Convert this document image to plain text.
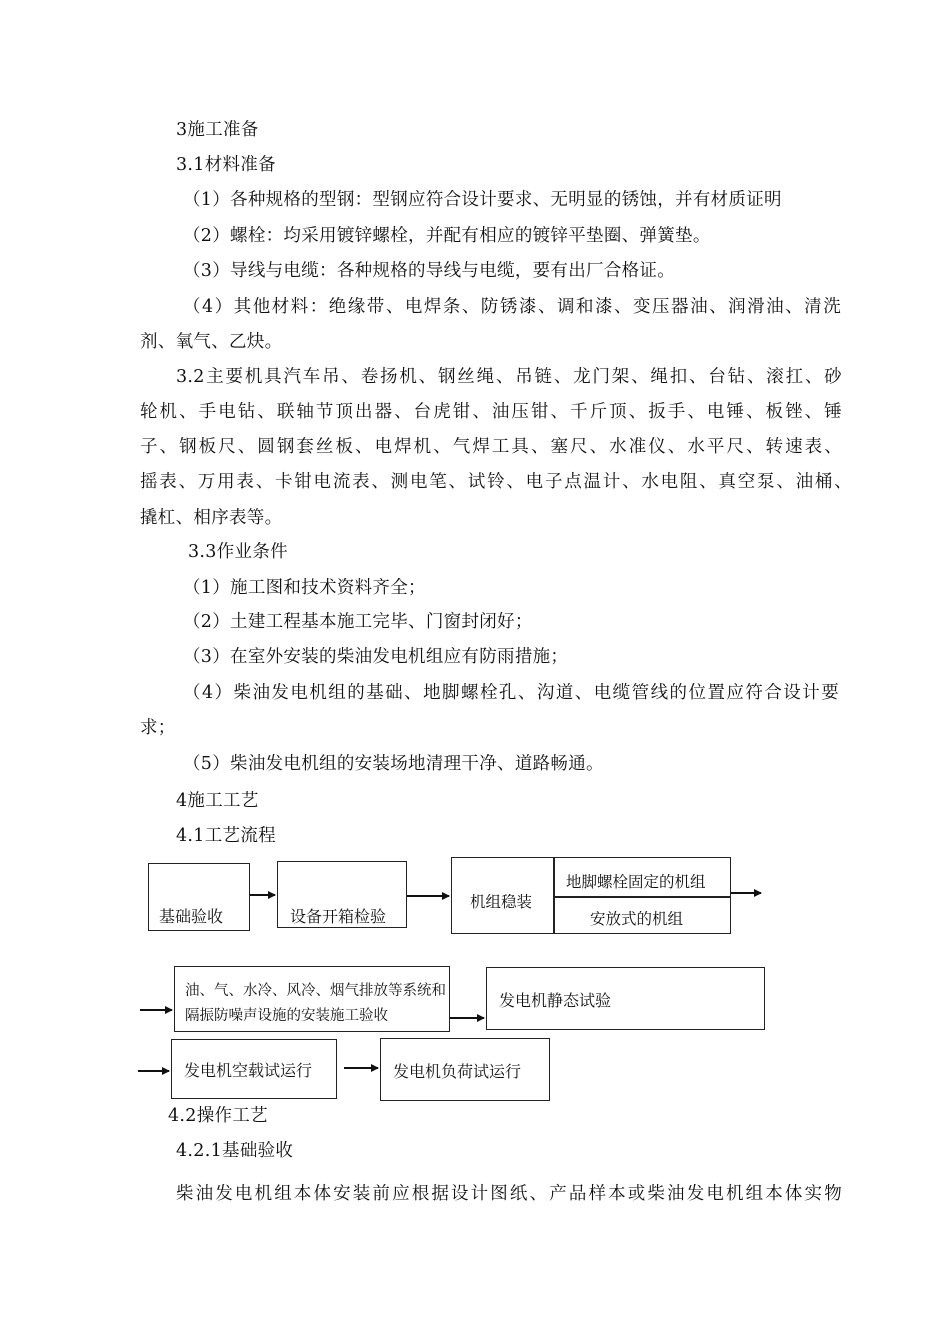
3施工准备
3.1材料准备
（1）各种规格的型钢：型钢应符合设计要求、无明显的锈蚀，并有材质证明
（2）螺栓：均采用镀锌螺栓，并配有相应的镀锌平垫圈、弹簧垫。
（3）导线与电缆：各种规格的导线与电缆，要有出厂合格证。
（4）其他材料：绝缘带、电焊条、防锈漆、调和漆、变压器油、润滑油、清洗
剂、氧气、乙炔。
3.2主要机具汽车吊、卷扬机、钢丝绳、吊链、龙门架、绳扣、台钻、滚扛、砂
轮机、手电钻、联轴节顶出器、台虎钳、油压钳、千斤顶、扳手、电锤、板锉、锤
子、钢板尺、圆钢套丝板、电焊机、气焊工具、塞尺、水准仪、水平尺、转速表、
摇表、万用表、卡钳电流表、测电笔、试铃、电子点温计、水电阻、真空泵、油桶、
撬杠、相序表等。
3.3作业条件
（1）施工图和技术资料齐全；
（2）土建工程基本施工完毕、门窗封闭好；
（3）在室外安装的柴油发电机组应有防雨措施；
（4）柴油发电机组的基础、地脚螺栓孔、沟道、电缆管线的位置应符合设计要
求；
（5）柴油发电机组的安装场地清理干净、道路畅通。
4施工工艺
4.1工艺流程
基础验收	设备开箱检验
机组稳装
地脚螺栓固定的机组
安放式的机组
油、气、水冷、风冷、烟气排放等系统和
隔振防噪声设施的安装施工验收
发电机静态试验
发电机空载试运行	发电机负荷试运行
4.2操作工艺
4.2.1基础验收
柴油发电机组本体安装前应根据设计图纸、产品样本或柴油发电机组本体实物
